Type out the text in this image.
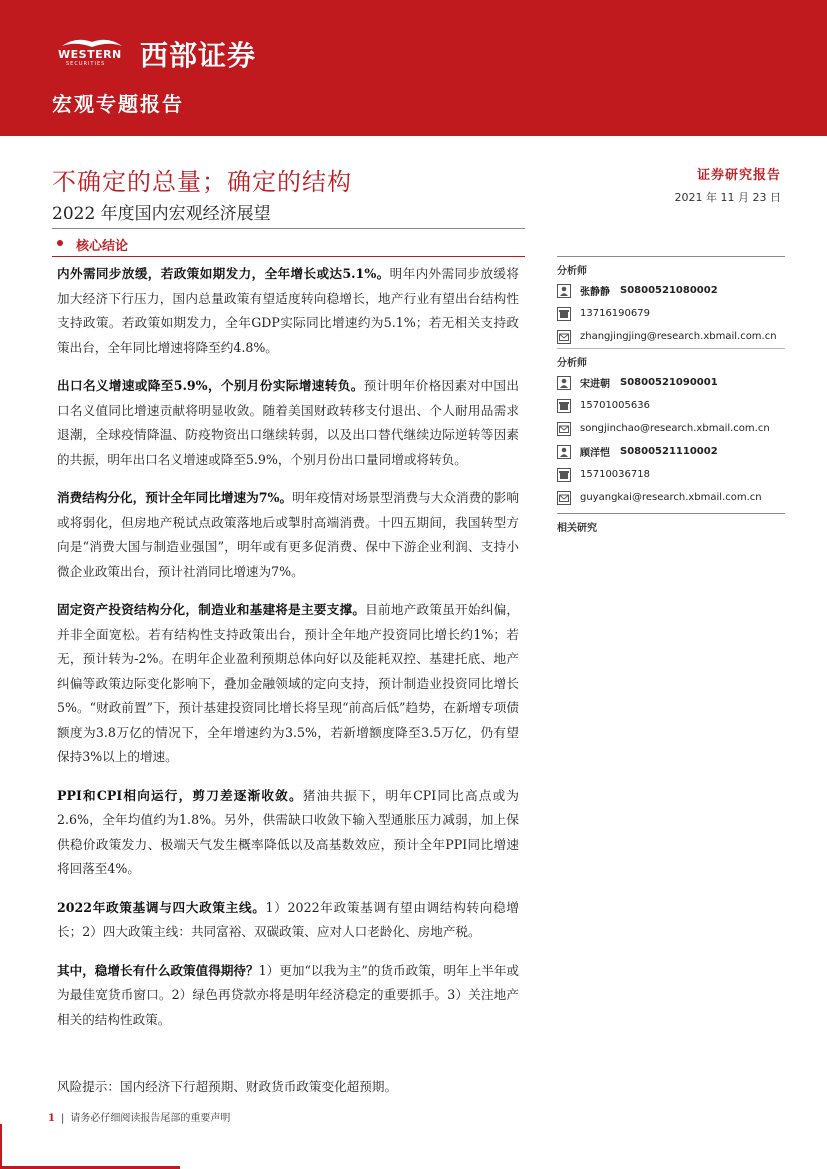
WESTERN
SECURITIES 西部证券
宏观专题报告
不确定的总量；确定的结构
2022 年度国内宏观经济展望
证券研究报告
2021 年 11 月 23 日
核心结论

内外需同步放缓，若政策如期发力，全年增长或达5.1%。明年内外需同步放缓将加大经济下行压力，国内总量政策有望适度转向稳增长，地产行业有望出台结构性支持政策。若政策如期发力，全年GDP实际同比增速约为5.1%；若无相关支持政策出台，全年同比增速将降至约4.8%。

出口名义增速或降至5.9%，个别月份实际增速转负。预计明年价格因素对中国出口名义值同比增速贡献将明显收敛。随着美国财政转移支付退出、个人耐用品需求退潮，全球疫情降温、防疫物资出口继续转弱，以及出口替代继续边际逆转等因素的共振，明年出口名义增速或降至5.9%，个别月份出口量同增或将转负。

消费结构分化，预计全年同比增速为7%。明年疫情对场景型消费与大众消费的影响或将弱化，但房地产税试点政策落地后或掣肘高端消费。十四五期间，我国转型方向是“消费大国与制造业强国”，明年或有更多促消费、保中下游企业利润、支持小微企业政策出台，预计社消同比增速为7%。

固定资产投资结构分化，制造业和基建将是主要支撑。目前地产政策虽开始纠偏，并非全面宽松。若有结构性支持政策出台，预计全年地产投资同比增长约1%；若无，预计转为-2%。在明年企业盈利预期总体向好以及能耗双控、基建托底、地产纠偏等政策边际变化影响下，叠加金融领域的定向支持，预计制造业投资同比增长5%。“财政前置”下，预计基建投资同比增长将呈现“前高后低”趋势，在新增专项债额度为3.8万亿的情况下，全年增速约为3.5%，若新增额度降至3.5万亿，仍有望保持3%以上的增速。

PPI和CPI相向运行，剪刀差逐渐收敛。猪油共振下，明年CPI同比高点或为2.6%，全年均值约为1.8%。另外，供需缺口收敛下输入型通胀压力减弱，加上保供稳价政策发力、极端天气发生概率降低以及高基数效应，预计全年PPI同比增速将回落至4%。

2022年政策基调与四大政策主线。1）2022年政策基调有望由调结构转向稳增长；2）四大政策主线：共同富裕、双碳政策、应对人口老龄化、房地产税。

其中，稳增长有什么政策值得期待？1）更加“以我为主”的货币政策，明年上半年或为最佳宽货币窗口。2）绿色再贷款亦将是明年经济稳定的重要抓手。3）关注地产相关的结构性政策。

风险提示：国内经济下行超预期、财政货币政策变化超预期。
分析师
张静静 S0800521080002
13716190679
zhangjingjing@research.xbmail.com.cn
分析师
宋进朝 S0800521090001
15701005636
songjinchao@research.xbmail.com.cn
顾洋恺 S0800521110002
15710036718
guyangkai@research.xbmail.com.cn
相关研究
1 | 请务必仔细阅读报告尾部的重要声明
